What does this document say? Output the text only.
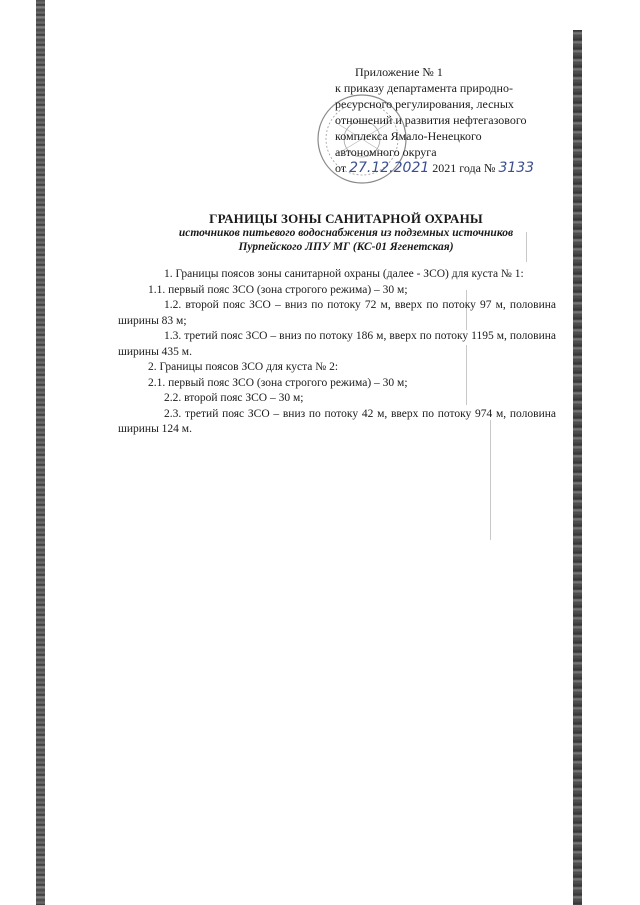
Приложение № 1
к приказу департамента природно-
ресурсного регулирования, лесных
отношений и развития нефтегазового
комплекса Ямало-Ненецкого
автономного округа
от 27.12.2021 2021 года № 3133
ГРАНИЦЫ ЗОНЫ САНИТАРНОЙ ОХРАНЫ
источников питьевого водоснабжения из подземных источников
Пурпейского ЛПУ МГ (КС-01 Ягенетская)

1. Границы поясов зоны санитарной охраны (далее - ЗСО) для куста № 1:

1.1. первый пояс ЗСО (зона строгого режима) – 30 м;

1.2. второй пояс ЗСО – вниз по потоку 72 м, вверх по потоку 97 м, половина ширины 83 м;

1.3. третий пояс ЗСО – вниз по потоку 186 м, вверх по потоку 1195 м, половина ширины 435 м.

2. Границы поясов ЗСО для куста № 2:

2.1. первый пояс ЗСО (зона строгого режима) – 30 м;

2.2. второй пояс ЗСО – 30 м;

2.3. третий пояс ЗСО – вниз по потоку 42 м, вверх по потоку 974 м, половина ширины 124 м.
